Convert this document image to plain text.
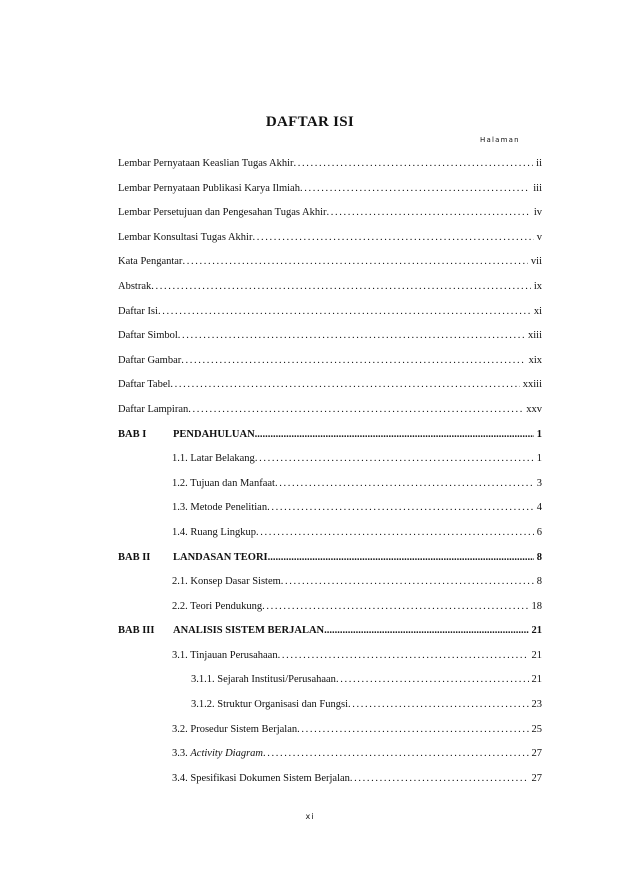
DAFTAR ISI
Halaman
Lembar Pernyataan Keaslian Tugas Akhir . . .	ii
Lembar Pernyataan Publikasi Karya Ilmiah . . .	iii
Lembar Persetujuan dan Pengesahan Tugas Akhir . . .	iv
Lembar Konsultasi Tugas Akhir . . .	v
Kata Pengantar . . .	vii
Abstrak . . .	ix
Daftar Isi . . .	xi
Daftar Simbol . . .	xiii
Daftar Gambar . . .	xix
Daftar Tabel . . .	xxiii
Daftar Lampiran . . .	xxv
BAB I	PENDAHULUAN .....	1
1.1. Latar Belakang . . .	1
1.2. Tujuan dan Manfaat . . .	3
1.3. Metode Penelitian . . .	4
1.4. Ruang Lingkup . . .	6
BAB II LANDASAN TEORI .....	8
2.1. Konsep Dasar Sistem . . .	8
2.2. Teori Pendukung . . .	18
BAB III ANALISIS SISTEM BERJALAN .....	21
3.1. Tinjauan Perusahaan . . .	21
3.1.1. Sejarah Institusi/Perusahaan . . .	21
3.1.2. Struktur Organisasi dan Fungsi . . .	23
3.2. Prosedur Sistem Berjalan . . .	25
3.3. Activity Diagram . . .	27
3.4. Spesifikasi Dokumen Sistem Berjalan . . .	27
xi
